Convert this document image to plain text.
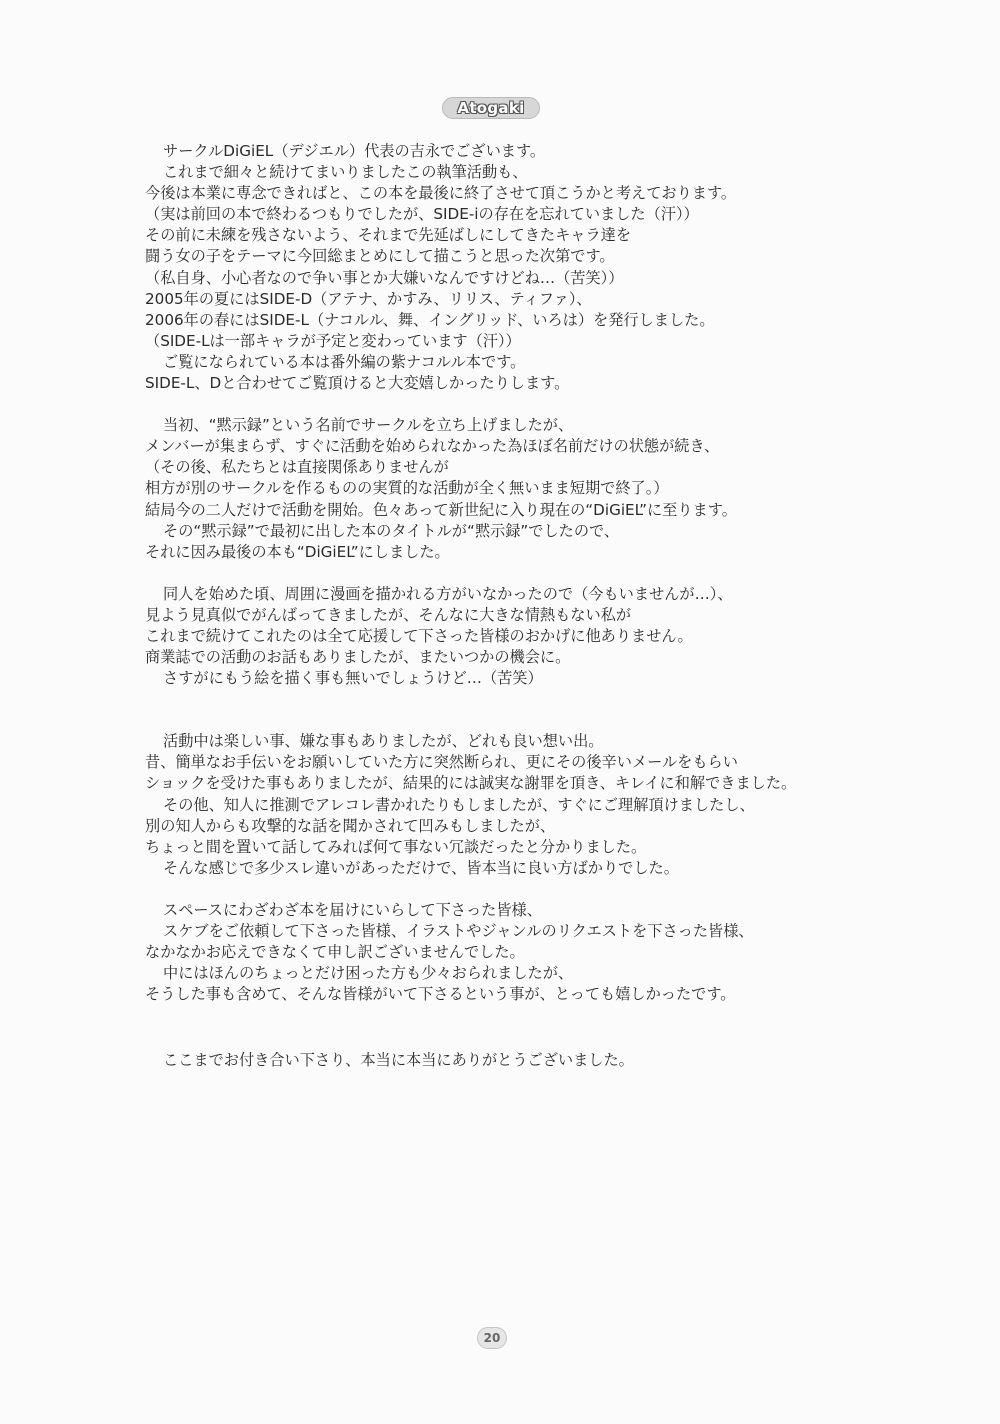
Atogaki
サークルDiGiEL（デジエル）代表の吉永でございます。
これまで細々と続けてまいりましたこの執筆活動も、
今後は本業に専念できればと、この本を最後に終了させて頂こうかと考えております。
（実は前回の本で終わるつもりでしたが、SIDE-iの存在を忘れていました（汗））
その前に未練を残さないよう、それまで先延ばしにしてきたキャラ達を
闘う女の子をテーマに今回総まとめにして描こうと思った次第です。
（私自身、小心者なので争い事とか大嫌いなんですけどね…（苦笑））
2005年の夏にはSIDE-D（アテナ、かすみ、リリス、ティファ）、
2006年の春にはSIDE-L（ナコルル、舞、イングリッド、いろは）を発行しました。
（SIDE-Lは一部キャラが予定と変わっています（汗））
ご覧になられている本は番外編の紫ナコルル本です。
SIDE-L、Dと合わせてご覧頂けると大変嬉しかったりします。
当初、“黙示録”という名前でサークルを立ち上げましたが、
メンバーが集まらず、すぐに活動を始められなかった為ほぼ名前だけの状態が続き、
（その後、私たちとは直接関係ありませんが
相方が別のサークルを作るものの実質的な活動が全く無いまま短期で終了。）
結局今の二人だけで活動を開始。色々あって新世紀に入り現在の“DiGiEL”に至ります。
その“黙示録”で最初に出した本のタイトルが“黙示録”でしたので、
それに因み最後の本も“DiGiEL”にしました。
同人を始めた頃、周囲に漫画を描かれる方がいなかったので（今もいませんが…）、
見よう見真似でがんばってきましたが、そんなに大きな情熱もない私が
これまで続けてこれたのは全て応援して下さった皆様のおかげに他ありません。
商業誌での活動のお話もありましたが、またいつかの機会に。
さすがにもう絵を描く事も無いでしょうけど…（苦笑）
活動中は楽しい事、嫌な事もありましたが、どれも良い想い出。
昔、簡単なお手伝いをお願いしていた方に突然断られ、更にその後辛いメールをもらい
ショックを受けた事もありましたが、結果的には誠実な謝罪を頂き、キレイに和解できました。
その他、知人に推測でアレコレ書かれたりもしましたが、すぐにご理解頂けましたし、
別の知人からも攻撃的な話を聞かされて凹みもしましたが、
ちょっと間を置いて話してみれば何て事ない冗談だったと分かりました。
そんな感じで多少スレ違いがあっただけで、皆本当に良い方ばかりでした。
スペースにわざわざ本を届けにいらして下さった皆様、
スケブをご依頼して下さった皆様、イラストやジャンルのリクエストを下さった皆様、
なかなかお応えできなくて申し訳ございませんでした。
中にはほんのちょっとだけ困った方も少々おられましたが、
そうした事も含めて、そんな皆様がいて下さるという事が、とっても嬉しかったです。
ここまでお付き合い下さり、本当に本当にありがとうございました。
20
